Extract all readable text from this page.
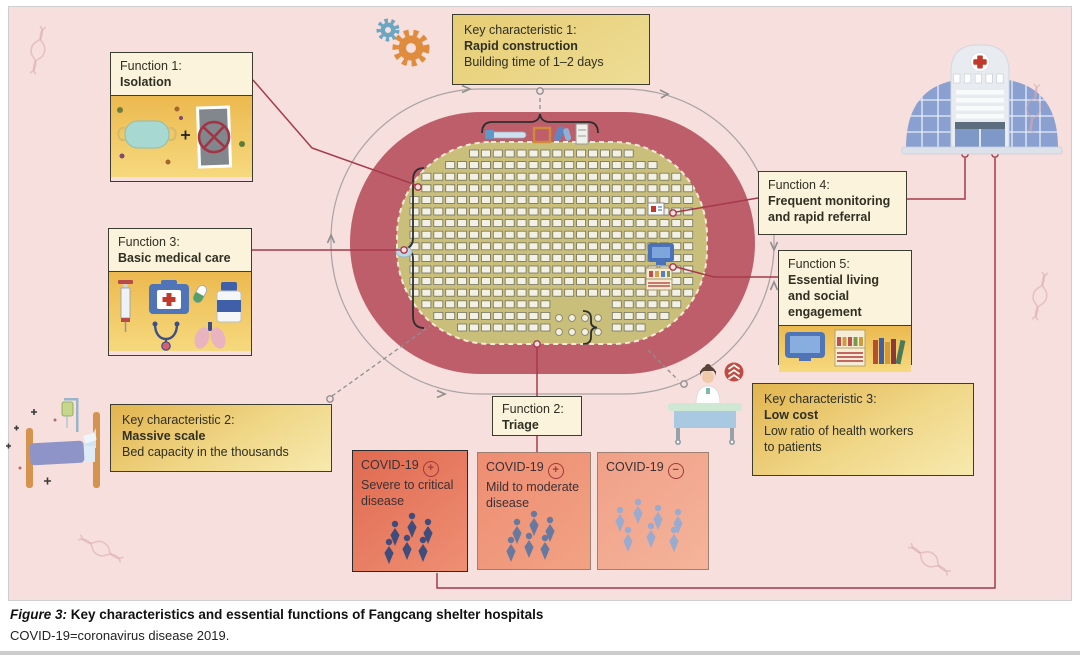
Key characteristic 1:
Rapid construction
Building time of 1–2 days
Function 1:
Isolation
Function 3:
Basic medical care
Function 4:
Frequent monitoring and rapid referral
Function 5:
Essential living and social engagement
Function 2:
Triage
Key characteristic 2:
Massive scale
Bed capacity in the thousands
Key characteristic 3:
Low cost
Low ratio of health workers
to patients
COVID-19 +
Severe to critical disease
COVID-19 +
Mild to moderate disease
COVID-19 −

Figure 3: Key characteristics and essential functions of Fangcang shelter hospitals
COVID-19=coronavirus disease 2019.
